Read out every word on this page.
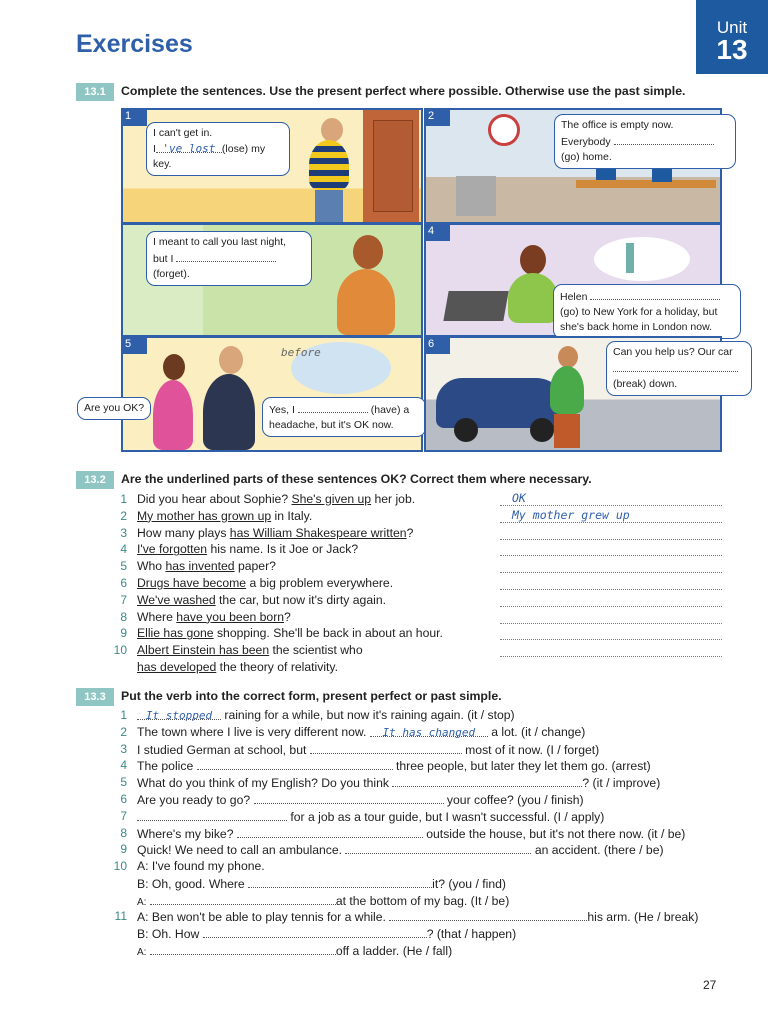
Exercises
Unit
13
13.1	Complete the sentences. Use the present perfect where possible. Otherwise use the past simple.
1
I can't get in.
I 've lost (lose) my
key.
2
The office is empty now.
Everybody
(go) home.
I meant to call you last night,
but I
(forget).
4
Helen
(go) to New York for a holiday, but
she's back home in London now.
5
before
Are you OK?	Yes, I	(have) a
headache, but it's OK now.
6
Can you help us? Our car
(break) down.
13.2	Are the underlined parts of these sentences OK? Correct them where necessary.
1 Did you hear about Sophie? She's given up her job.	OK
2 My mother has grown up in Italy.	My mother grew up
3 How many plays has William Shakespeare written?
4 I've forgotten his name. Is it Joe or Jack?
5 Who has invented paper?
6 Drugs have become a big problem everywhere.
7 We've washed the car, but now it's dirty again.
8 Where have you been born?
9 Ellie has gone shopping. She'll be back in about an hour.
10 Albert Einstein has been the scientist who
has developed the theory of relativity.
13.3	Put the verb into the correct form, present perfect or past simple.
1	It stopped raining for a while, but now it's raining again. (it / stop)
2 The town where I live is very different now. It has changed a lot. (it / change)
3 I studied German at school, but	most of it now. (I / forget)
4 The police	three people, but later they let them go. (arrest)
5 What do you think of my English? Do you think	? (it / improve)
6 Are you ready to go?	your coffee? (you / finish)
7	for a job as a tour guide, but I wasn't successful. (I / apply)
8 Where's my bike?	outside the house, but it's not there now. (it / be)
9 Quick! We need to call an ambulance.	an accident. (there / be)
10 A: I've found my phone.
B: Oh, good. Where	it? (you / find)
A:	at the bottom of my bag. (It / be)
11 A: Ben won't be able to play tennis for a while.	his arm. (He / break)
B: Oh. How	? (that / happen)
A:	off a ladder. (He / fall)
27
